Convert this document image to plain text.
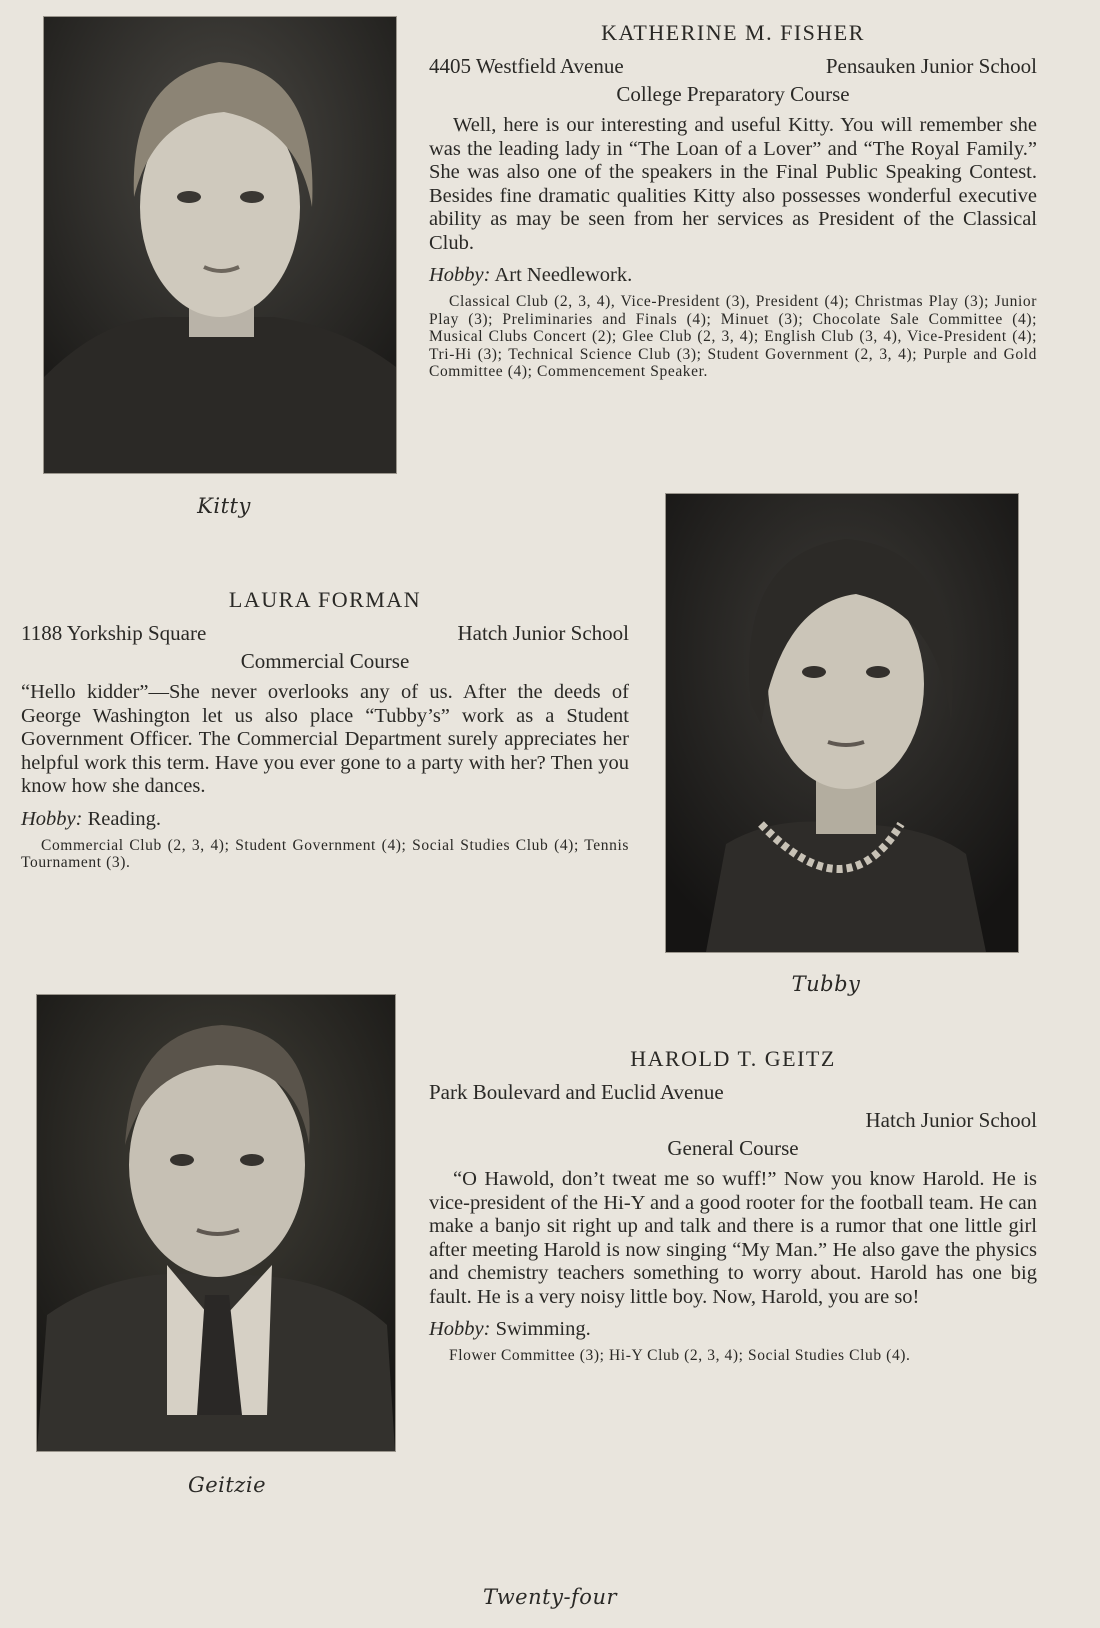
Kitty
KATHERINE M. FISHER
4405 Westfield Avenue	Pensauken Junior School
College Preparatory Course

Well, here is our interesting and useful Kitty. You will remember she was the leading lady in “The Loan of a Lover” and “The Royal Family.” She was also one of the speakers in the Final Public Speaking Contest. Besides fine dramatic qualities Kitty also possesses wonderful executive ability as may be seen from her services as President of the Classical Club.

Hobby: Art Needlework.

Classical Club (2, 3, 4), Vice-President (3), President (4); Christmas Play (3); Junior Play (3); Preliminaries and Finals (4); Minuet (3); Chocolate Sale Committee (4); Musical Clubs Concert (2); Glee Club (2, 3, 4); English Club (3, 4), Vice-President (4); Tri-Hi (3); Technical Science Club (3); Student Government (2, 3, 4); Purple and Gold Committee (4); Commencement Speaker.

LAURA FORMAN
1188 Yorkship Square	Hatch Junior School
Commercial Course

“Hello kidder”—She never overlooks any of us. After the deeds of George Washington let us also place “Tubby’s” work as a Student Government Officer. The Commercial Department surely appreciates her helpful work this term. Have you ever gone to a party with her? Then you know how she dances.

Hobby: Reading.

Commercial Club (2, 3, 4); Student Government (4); Social Studies Club (4); Tennis Tournament (3).

Tubby
Geitzie
HAROLD T. GEITZ
Park Boulevard and Euclid Avenue
Hatch Junior School
General Course

“O Hawold, don’t tweat me so wuff!” Now you know Harold. He is vice-president of the Hi-Y and a good rooter for the football team. He can make a banjo sit right up and talk and there is a rumor that one little girl after meeting Harold is now singing “My Man.” He also gave the physics and chemistry teachers something to worry about. Harold has one big fault. He is a very noisy little boy. Now, Harold, you are so!

Hobby: Swimming.

Flower Committee (3); Hi-Y Club (2, 3, 4); Social Studies Club (4).

Twenty-four
